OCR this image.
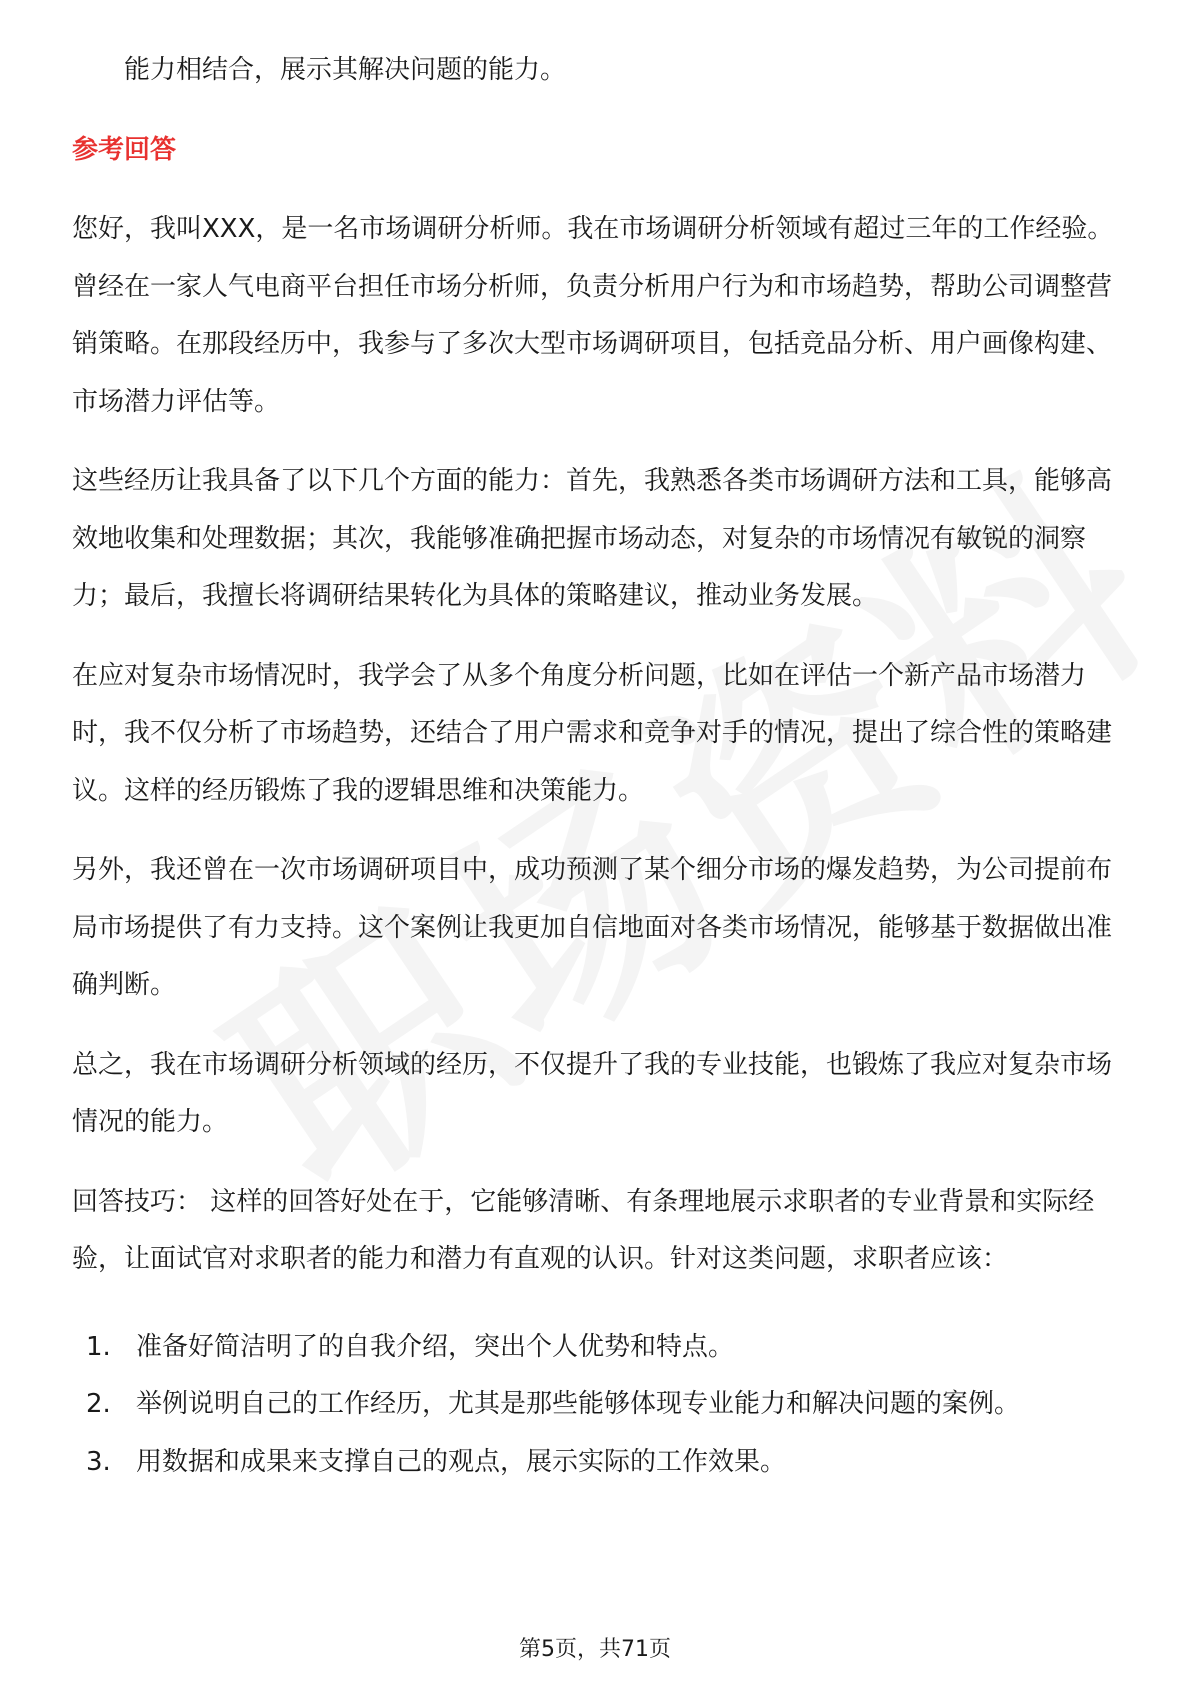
能力相结合，展示其解决问题的能力。

参考回答

您好，我叫XXX，是一名市场调研分析师。我在市场调研分析领域有超过三年的工作经验。曾经在一家人气电商平台担任市场分析师，负责分析用户行为和市场趋势，帮助公司调整营销策略。在那段经历中，我参与了多次大型市场调研项目，包括竞品分析、用户画像构建、市场潜力评估等。

这些经历让我具备了以下几个方面的能力：首先，我熟悉各类市场调研方法和工具，能够高效地收集和处理数据；其次，我能够准确把握市场动态，对复杂的市场情况有敏锐的洞察力；最后，我擅长将调研结果转化为具体的策略建议，推动业务发展。

在应对复杂市场情况时，我学会了从多个角度分析问题，比如在评估一个新产品市场潜力时，我不仅分析了市场趋势，还结合了用户需求和竞争对手的情况，提出了综合性的策略建议。这样的经历锻炼了我的逻辑思维和决策能力。

另外，我还曾在一次市场调研项目中，成功预测了某个细分市场的爆发趋势，为公司提前布局市场提供了有力支持。这个案例让我更加自信地面对各类市场情况，能够基于数据做出准确判断。

总之，我在市场调研分析领域的经历，不仅提升了我的专业技能，也锻炼了我应对复杂市场情况的能力。

回答技巧： 这样的回答好处在于，它能够清晰、有条理地展示求职者的专业背景和实际经验，让面试官对求职者的能力和潜力有直观的认识。针对这类问题，求职者应该：

1. 准备好简洁明了的自我介绍，突出个人优势和特点。
2. 举例说明自己的工作经历，尤其是那些能够体现专业能力和解决问题的案例。
3. 用数据和成果来支撑自己的观点，展示实际的工作效果。
第5页，共71页
